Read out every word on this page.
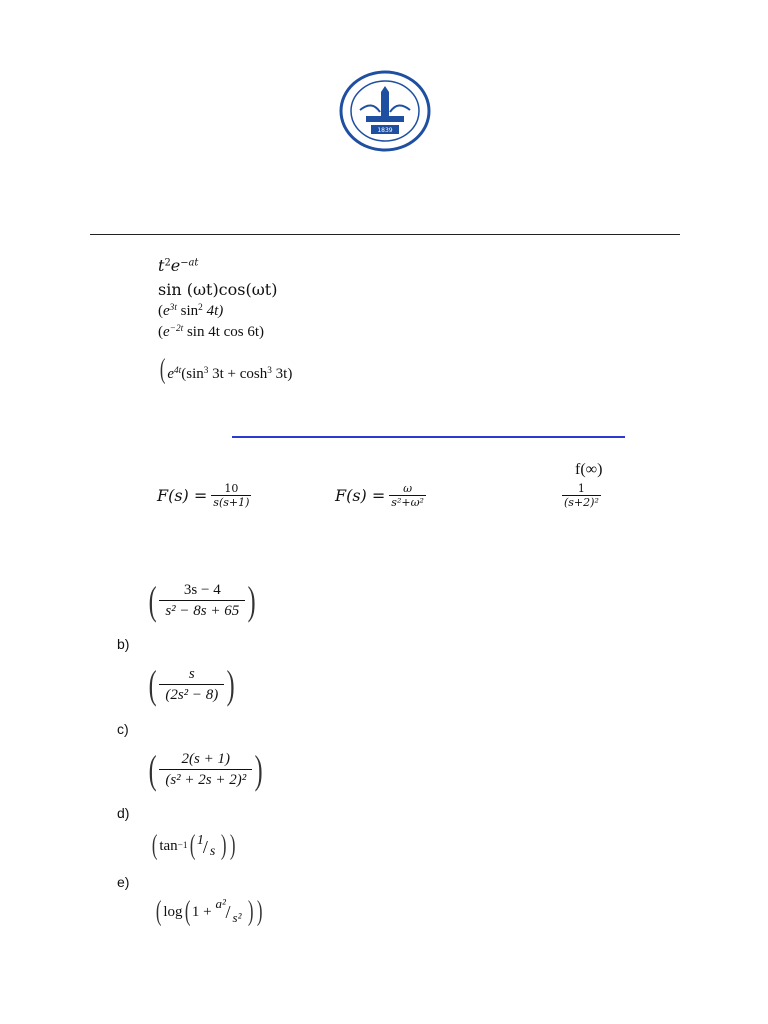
1839
$t^2e^{-at}$
sin (ωt)cos(ωt)
($e^{3t}$ $\sin^2 4t$)
($e^{-2t}$ sin 4t cos 6t)
( $e^{4t}(\sin^3$ $3t + \cosh^3 3t$)
f(∞)
$F(s) = \frac{10}{s(s+1)}$	$F(s) = \frac{\omega}{\text{s²+ω²}}$	$\frac{1}{\text{(s+2)²}}$
(	3s − 4
s² − 8s + 65 )
b)
(	s
(2s² − 8) )
c)
(	2(s + 1)
(s² + 2s + 2)² )
d)
( tan −1 ( 1 / s ) )
e)
( log ( 1 + a² / s² ) )
